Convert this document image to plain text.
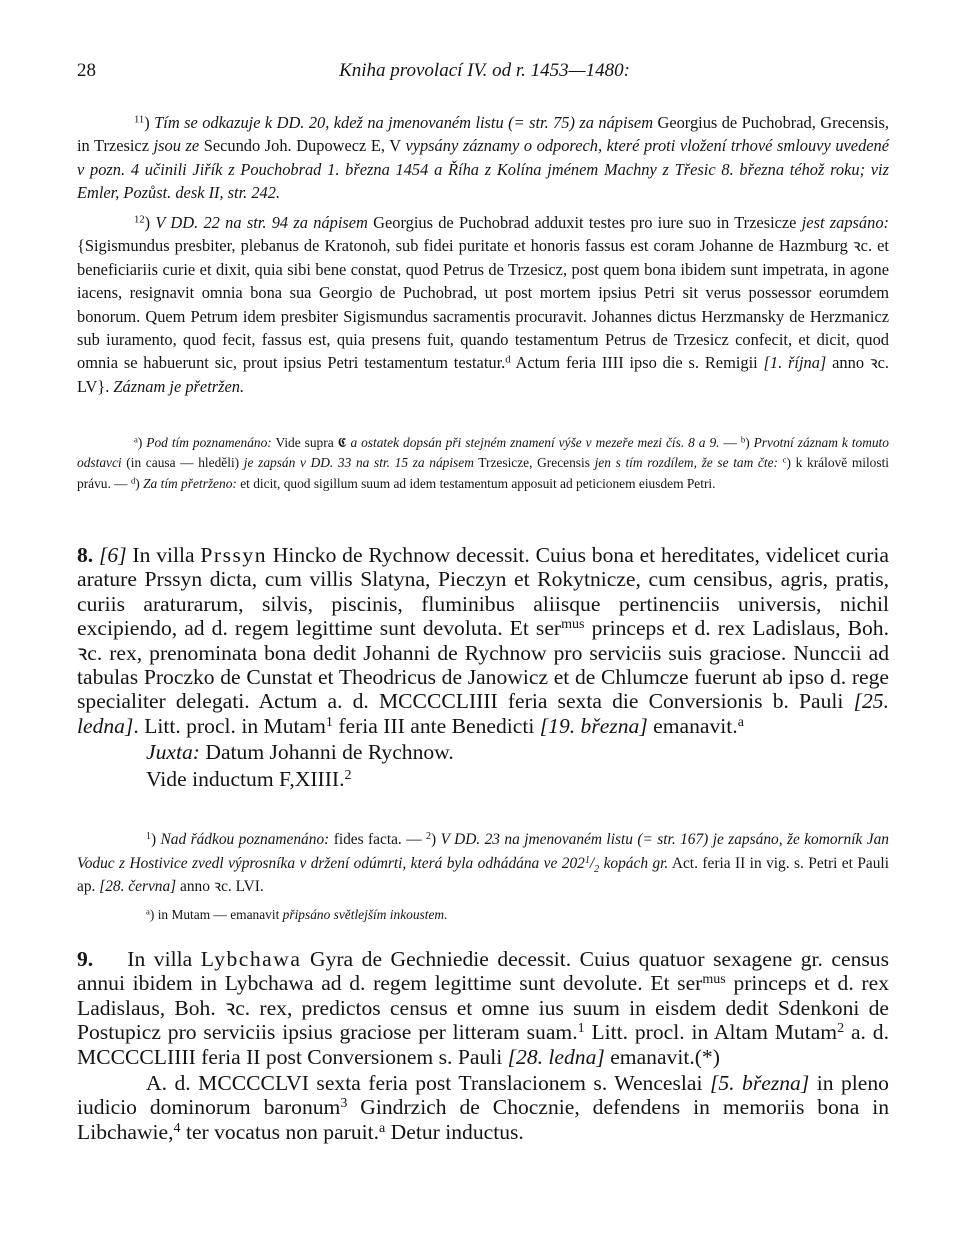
28	Kniha provolací IV. od r. 1453—1480:

$^{11}$) Tím se odkazuje k DD. 20, kdež na jmenovaném listu (= str. 75) za nápisem Georgius de Puchobrad, Grecensis, in Trzesicz jsou ze Secundo Joh. Dupowecz E, V vypsány záznamy o odporech, které proti vložení trhové smlouvy uvedené v pozn. 4 učinili Jiřík z Pouchobrad 1. března 1454 a Říha z Kolína jménem Machny z Třesic 8. března téhož roku; viz Emler, Pozůst. desk II, str. 242.

$^{12}$) V DD. 22 na str. 94 za nápisem Georgius de Puchobrad adduxit testes pro iure suo in Trzesicze jest zapsáno: {Sigismundus presbiter, plebanus de Kratonoh, sub fidei puritate et honoris fassus est coram Johanne de Hazmburg ꝛc. et beneficiariis curie et dixit, quia sibi bene constat, quod Petrus de Trzesicz, post quem bona ibidem sunt impetrata, in agone iacens, resignavit omnia bona sua Georgio de Puchobrad, ut post mortem ipsius Petri sit verus possessor eorumdem bonorum. Quem Petrum idem presbiter Sigismundus sacramentis procuravit. Johannes dictus Herzmansky de Herzmanicz sub iuramento, quod fecit, fassus est, quia presens fuit, quando testamentum Petrus de Trzesicz confecit, et dicit, quod omnia se habuerunt sic, prout ipsius Petri testamentum testatur.$^d$ Actum feria IIII ipso die s. Remigii [1. října] anno ꝛc. LV}. Záznam je přetržen.

$^a$) Pod tím poznamenáno: Vide supra 𝕮 a ostatek dopsán při stejném znamení výše v mezeře mezi čís. 8 a 9. — $^b$) Prvotní záznam k tomuto odstavci (in causa — hleděli) je zapsán v DD. 33 na str. 15 za nápisem Trzesicze, Grecensis jen s tím rozdílem, že se tam čte: $^c$) k královĕ milosti právu. — $^d$) Za tím přetrženo: et dicit, quod sigillum suum ad idem testamentum apposuit ad peticionem eiusdem Petri.

8. [6] In villa Prssyn Hincko de Rychnow decessit. Cuius bona et hereditates, videlicet curia arature Prssyn dicta, cum villis Slatyna, Pieczyn et Rokytnicze, cum censibus, agris, pratis, curiis araturarum, silvis, piscinis, fluminibus aliisque pertinenciis universis, nichil excipiendo, ad d. regem legittime sunt devoluta. Et ser$^{mus}$ princeps et d. rex Ladislaus, Boh. ꝛc. rex, prenominata bona dedit Johanni de Rychnow pro serviciis suis graciose. Nunccii ad tabulas Proczko de Cunstat et Theodricus de Janowicz et de Chlumcze fuerunt ab ipso d. rege specialiter delegati. Actum a. d. MCCCCLIIII feria sexta die Conversionis b. Pauli [25. ledna]. Litt. procl. in Mutam$^1$ feria III ante Benedicti [19. března] emanavit.$^a$

Juxta: Datum Johanni de Rychnow.

Vide inductum F,XIIII.$^2$

$^1$) Nad řádkou poznamenáno: fides facta. — $^2$) V DD. 23 na jmenovaném listu (= str. 167) je zapsáno, že komorník Jan Voduc z Hostivice zvedl výprosníka v držení odúmrti, která byla odhádána ve $202^1/_2$ kopách gr. Act. feria II in vig. s. Petri et Pauli ap. [28. června] anno ꝛc. LVI.

$^a$) in Mutam — emanavit připsáno světlejším inkoustem.

9.    In villa Lybchawa Gyra de Gechniedie decessit. Cuius quatuor sexagene gr. census annui ibidem in Lybchawa ad d. regem legittime sunt devolute. Et ser$^{mus}$ princeps et d. rex Ladislaus, Boh. ꝛc. rex, predictos census et omne ius suum in eisdem dedit Sdenkoni de Postupicz pro serviciis ipsius graciose per litteram suam.$^1$ Litt. procl. in Altam Mutam$^2$ a. d. MCCCCLIIII feria II post Conversionem s. Pauli [28. ledna] emanavit.(*)

A. d. MCCCCLVI sexta feria post Translacionem s. Wenceslai [5. března] in pleno iudicio dominorum baronum$^3$ Gindrzich de Chocznie, defendens in memoriis bona in Libchawie,$^4$ ter vocatus non paruit.$^a$ Detur inductus.
